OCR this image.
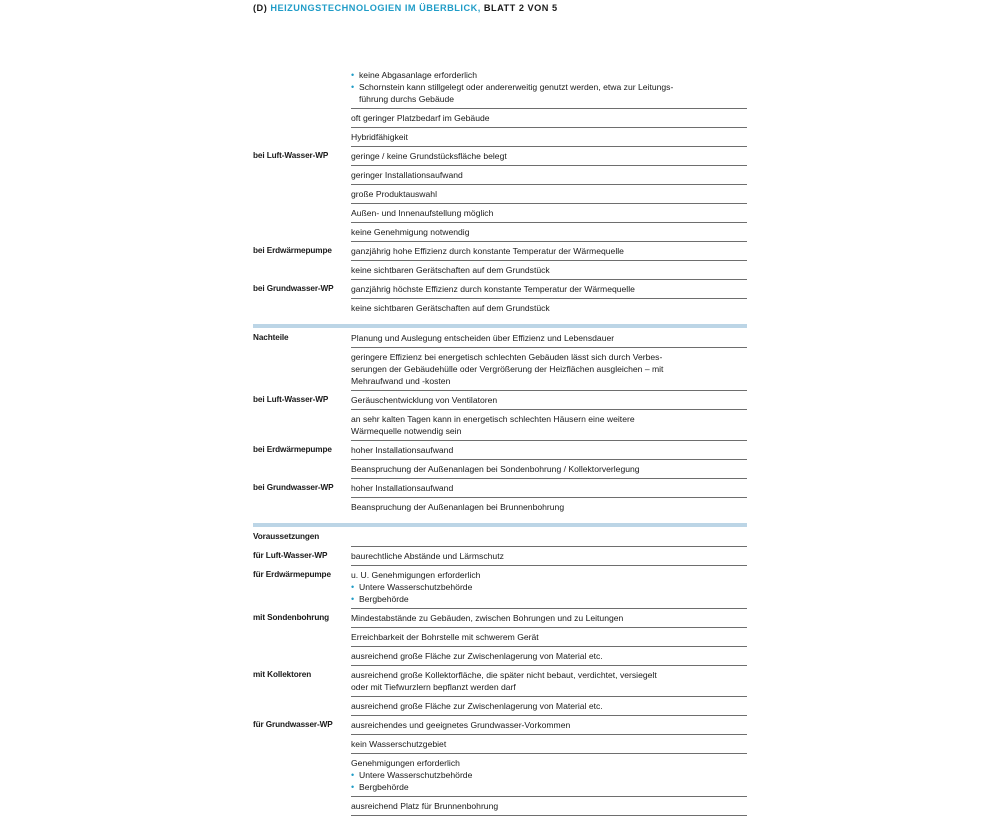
(D) HEIZUNGSTECHNOLOGIEN IM ÜBERBLICK, BLATT 2 VON 5
• keine Abgasanlage erforderlich
• Schornstein kann stillgelegt oder andererweitig genutzt werden, etwa zur Leitungs-
führung durchs Gebäude
oft geringer Platzbedarf im Gebäude
Hybridfähigkeit
bei Luft-Wasser-WP	geringe / keine Grundstücksfläche belegt
geringer Installationsaufwand
große Produktauswahl
Außen- und Innenaufstellung möglich
keine Genehmigung notwendig
bei Erdwärmepumpe	ganzjährig hohe Effizienz durch konstante Temperatur der Wärmequelle
keine sichtbaren Gerätschaften auf dem Grundstück
bei Grundwasser-WP	ganzjährig höchste Effizienz durch konstante Temperatur der Wärmequelle
keine sichtbaren Gerätschaften auf dem Grundstück
Nachteile	Planung und Auslegung entscheiden über Effizienz und Lebensdauer
geringere Effizienz bei energetisch schlechten Gebäuden lässt sich durch Verbes-
serungen der Gebäudehülle oder Vergrößerung der Heizflächen ausgleichen – mit
Mehraufwand und -kosten
bei Luft-Wasser-WP	Geräuschentwicklung von Ventilatoren
an sehr kalten Tagen kann in energetisch schlechten Häusern eine weitere
Wärmequelle notwendig sein
bei Erdwärmepumpe	hoher Installationsaufwand
Beanspruchung der Außenanlagen bei Sondenbohrung / Kollektorverlegung
bei Grundwasser-WP	hoher Installationsaufwand
Beanspruchung der Außenanlagen bei Brunnenbohrung
Voraussetzungen

für Luft-Wasser-WP	baurechtliche Abstände und Lärmschutz
für Erdwärmepumpe	u. U. Genehmigungen erforderlich
• Untere Wasserschutzbehörde
• Bergbehörde
mit Sondenbohrung	Mindestabstände zu Gebäuden, zwischen Bohrungen und zu Leitungen
Erreichbarkeit der Bohrstelle mit schwerem Gerät
ausreichend große Fläche zur Zwischenlagerung von Material etc.
mit Kollektoren	ausreichend große Kollektorfläche, die später nicht bebaut, verdichtet, versiegelt
oder mit Tiefwurzlern bepflanzt werden darf
ausreichend große Fläche zur Zwischenlagerung von Material etc.
für Grundwasser-WP	ausreichendes und geeignetes Grundwasser-Vorkommen
kein Wasserschutzgebiet
Genehmigungen erforderlich
• Untere Wasserschutzbehörde
• Bergbehörde
ausreichend Platz für Brunnenbohrung
